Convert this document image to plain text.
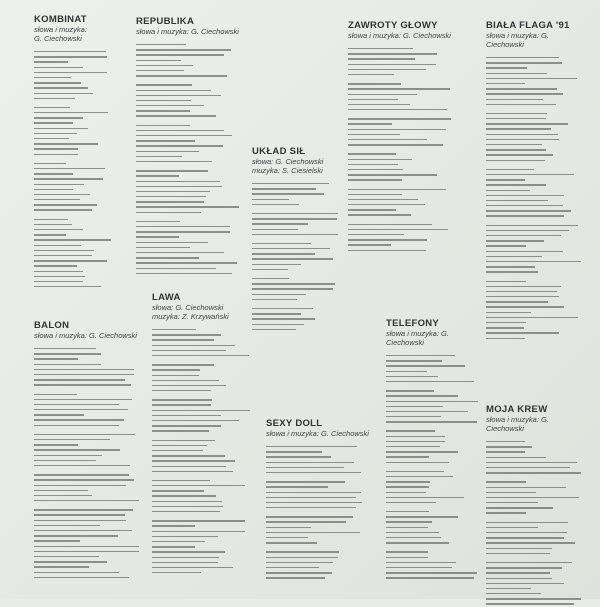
KOMBINAT
słowa i muzyka:
G. Ciechowski
REPUBLIKA
słowa i muzyka: G. Ciechowski
ZAWROTY GŁOWY
słowa i muzyka: G. Ciechowski
BIAŁA FLAGA '91
słowa i muzyka: G. Ciechowski
UKŁAD SIŁ
słowa: G. Ciechowski
muzyka: S. Ciesielski
LAWA
słowa: G. Ciechowski
muzyka: Z. Krzywański
BALON
słowa i muzyka: G. Ciechowski
TELEFONY
słowa i muzyka: G. Ciechowski
SEXY DOLL
słowa i muzyka: G. Ciechowski
MOJA KREW
słowa i muzyka: G. Ciechowski
